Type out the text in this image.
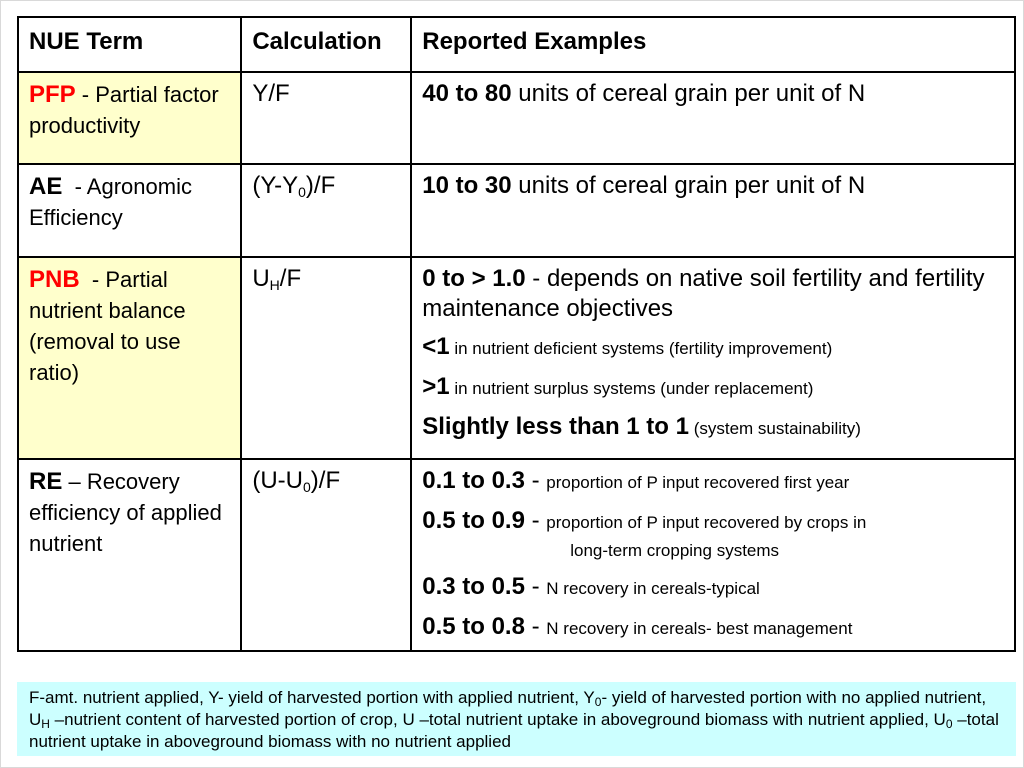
NUE Term	Calculation	Reported Examples

PFP - Partial factor productivity	Y/F	40 to 80 units of cereal grain per unit of N

AE  - Agronomic Efficiency	$(Y-Y_0)/F$	10 to 30 units of cereal grain per unit of N

PNB  - Partial nutrient balance (removal to use ratio)	$U_H/F$	0 to > 1.0 - depends on native soil fertility and fertility maintenance objectives
<1 in nutrient deficient systems (fertility improvement)
>1 in nutrient surplus systems (under replacement)
Slightly less than 1 to 1 (system sustainability)

RE – Recovery efficiency of applied nutrient	$(U-U_0)/F$	0.1 to 0.3 - proportion of P input recovered first year
0.5 to 0.9 - proportion of P input recovered by crops in
long-term cropping systems
0.3 to 0.5 - N recovery in cereals-typical
0.5 to 0.8 - N recovery in cereals- best management
F-amt. nutrient applied, Y- yield of harvested portion with applied nutrient, $Y_0-$ yield of harvested portion with no applied nutrient, $U_H$ –nutrient content of harvested portion of crop, U –total nutrient uptake in aboveground biomass with nutrient applied, $U_0$ –total nutrient uptake in aboveground biomass with no nutrient applied
